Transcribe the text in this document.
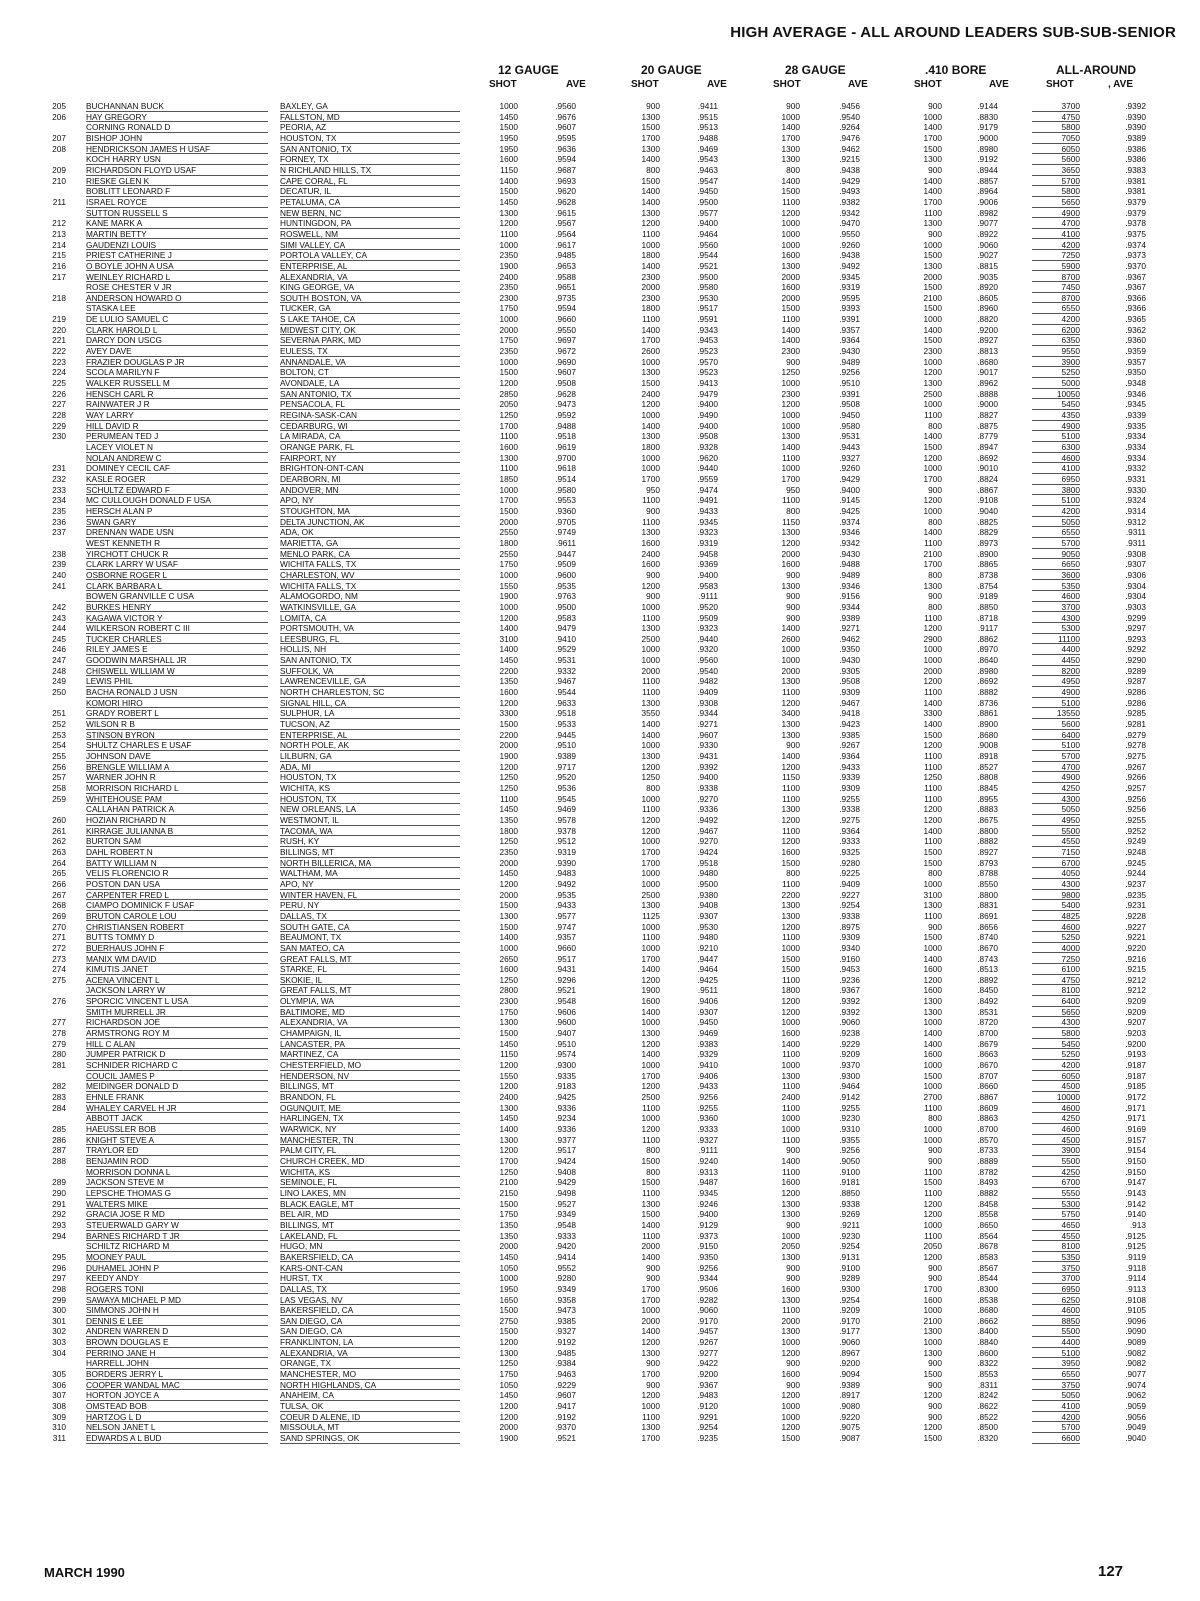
HIGH AVERAGE - ALL AROUND LEADERS SUB-SUB-SENIOR
12 GAUGE	20 GAUGE	28 GAUGE	.410 BORE	ALL-AROUND
SHOT	AVE	SHOT	AVE	SHOT	AVE	SHOT	AVE	SHOT	, AVE
205 BUCHANNAN BUCK	BAXLEY, GA	1000	.9560	900	.9411	900	.9456	900	.9144	3700	.9392
206 HAY GREGORY	FALLSTON, MD	1450	.9676	1300	.9515	1000	.9540	1000	.8830	4750	.9390
CORNING RONALD D	PEORIA, AZ	1500	.9607	1500	.9513	1400	.9264	1400	.9179	5800	.9390
207 BISHOP JOHN	HOUSTON, TX	1950	.9595	1700	.9488	1700	.9476	1700	.9000	7050	.9389
208 HENDRICKSON JAMES H USAF	SAN ANTONIO, TX	1950	.9636	1300	.9469	1300	.9462	1500	.8980	6050	.9386
KOCH HARRY USN	FORNEY, TX	1600	.9594	1400	.9543	1300	.9215	1300	.9192	5600	.9386
209 RICHARDSON FLOYD USAF	N RICHLAND HILLS, TX	1150	.9687	800	.9463	800	.9438	900	.8944	3650	.9383
210 RIESKE GLEN K	CAPE CORAL, FL	1400	.9693	1500	.9547	1400	.9429	1400	.8857	5700	.9381
BOBLITT LEONARD F	DECATUR, IL	1500	.9620	1400	.9450	1500	.9493	1400	.8964	5800	.9381
211 ISRAEL ROYCE	PETALUMA, CA	1450	.9628	1400	.9500	1100	.9382	1700	.9006	5650	.9379
SUTTON RUSSELL S	NEW BERN, NC	1300	.9615	1300	.9577	1200	.9342	1100	.8982	4900	.9379
212 KANE MARK A	HUNTINGDON, PA	1200	.9567	1200	.9400	1000	.9470	1300	.9077	4700	.9378
213 MARTIN BETTY	ROSWELL, NM	1100	.9564	1100	.9464	1000	.9550	900	.8922	4100	.9375
214 GAUDENZI LOUIS	SIMI VALLEY, CA	1000	.9617	1000	.9560	1000	.9260	1000	.9060	4200	.9374
215 PRIEST CATHERINE J	PORTOLA VALLEY, CA	2350	.9485	1800	.9544	1600	.9438	1500	.9027	7250	.9373
216 O BOYLE JOHN A USA	ENTERPRISE, AL	1900	.9653	1400	.9521	1300	.9492	1300	.8815	5900	.9370
217 WEINLEY RICHARD L	ALEXANDRIA, VA	2400	.9588	2300	.9500	2000	.9345	2000	.9035	8700	.9367
ROSE CHESTER V JR	KING GEORGE, VA	2350	.9651	2000	.9580	1600	.9319	1500	.8920	7450	.9367
218 ANDERSON HOWARD O	SOUTH BOSTON, VA	2300	.9735	2300	.9530	2000	.9595	2100	.8605	8700	.9366
STASKA LEE	TUCKER, GA	1750	.9594	1800	.9517	1500	.9393	1500	.8960	6550	.9366
219 DE LULIO SAMUEL C	S LAKE TAHOE, CA	1000	.9660	1100	.9591	1100	.9391	1000	.8820	4200	.9365
220 CLARK HAROLD L	MIDWEST CITY, OK	2000	.9550	1400	.9343	1400	.9357	1400	.9200	6200	.9362
221 DARCY DON USCG	SEVERNA PARK, MD	1750	.9697	1700	.9453	1400	.9364	1500	.8927	6350	.9360
222 AVEY DAVE	EULESS, TX	2350	.9672	2600	.9523	2300	.9430	2300	.8813	9550	.9359
223 FRAZIER DOUGLAS P JR	ANNANDALE, VA	1000	.9690	1000	.9570	900	.9489	1000	.8680	3900	.9357
224 SCOLA MARILYN F	BOLTON, CT	1500	.9607	1300	.9523	1250	.9256	1200	.9017	5250	.9350
225 WALKER RUSSELL M	AVONDALE, LA	1200	.9508	1500	.9413	1000	.9510	1300	.8962	5000	.9348
226 HENSCH CARL R	SAN ANTONIO, TX	2850	.9628	2400	.9479	2300	.9391	2500	.8888	10050	.9346
227 RAINWATER J R	PENSACOLA, FL	2050	.9473	1200	.9400	1200	.9508	1000	.9000	5450	.9345
228 WAY LARRY	REGINA-SASK-CAN	1250	.9592	1000	.9490	1000	.9450	1100	.8827	4350	.9339
229 HILL DAVID R	CEDARBURG, WI	1700	.9488	1400	.9400	1000	.9580	800	.8875	4900	.9335
230 PERUMEAN TED J	LA MIRADA, CA	1100	.9518	1300	.9508	1300	.9531	1400	.8779	5100	.9334
LACEY VIOLET N	ORANGE PARK, FL	1600	.9619	1800	.9328	1400	.9443	1500	.8947	6300	.9334
NOLAN ANDREW C	FAIRPORT, NY	1300	.9700	1000	.9620	1100	.9327	1200	.8692	4600	.9334
231 DOMINEY CECIL CAF	BRIGHTON-ONT-CAN	1100	.9618	1000	.9440	1000	.9260	1000	.9010	4100	.9332
232 KASLE ROGER	DEARBORN, MI	1850	.9514	1700	.9559	1700	.9429	1700	.8824	6950	.9331
233 SCHULTZ EDWARD F	ANDOVER, MN	1000	.9580	950	.9474	950	.9400	900	.8867	3800	.9330
234 MC CULLOUGH DONALD F USA	APO, NY	1700	.9553	1100	.9491	1100	.9145	1200	.9108	5100	.9324
235 HERSCH ALAN P	STOUGHTON, MA	1500	.9360	900	.9433	800	.9425	1000	.9040	4200	.9314
236 SWAN GARY	DELTA JUNCTION, AK	2000	.9705	1100	.9345	1150	.9374	800	.8825	5050	.9312
237 DRENNAN WADE USN	ADA, OK	2550	.9749	1300	.9323	1300	.9346	1400	.8829	6550	.9311
WEST KENNETH R	MARIETTA, GA	1800	.9611	1600	.9319	1200	.9342	1100	.8973	5700	.9311
238 YIRCHOTT CHUCK R	MENLO PARK, CA	2550	.9447	2400	.9458	2000	.9430	2100	.8900	9050	.9308
239 CLARK LARRY W USAF	WICHITA FALLS, TX	1750	.9509	1600	.9369	1600	.9488	1700	.8865	6650	.9307
240 OSBORNE ROGER L	CHARLESTON, WV	1000	.9600	900	.9400	900	.9489	800	.8738	3600	.9306
241 CLARK BARBARA L	WICHITA FALLS, TX	1550	.9535	1200	.9583	1300	.9346	1300	.8754	5350	.9304
BOWEN GRANVILLE C USA	ALAMOGORDO, NM	1900	.9763	900	.9111	900	.9156	900	.9189	4600	.9304
242 BURKES HENRY	WATKINSVILLE, GA	1000	.9500	1000	.9520	900	.9344	800	.8850	3700	.9303
243 KAGAWA VICTOR Y	LOMITA, CA	1200	.9583	1100	.9509	900	.9389	1100	.8718	4300	.9299
244 WILKERSON ROBERT C III	PORTSMOUTH, VA	1400	.9479	1300	.9323	1400	.9271	1200	.9117	5300	.9297
245 TUCKER CHARLES	LEESBURG, FL	3100	.9410	2500	.9440	2600	.9462	2900	.8862	11100	.9293
246 RILEY JAMES E	HOLLIS, NH	1400	.9529	1000	.9320	1000	.9350	1000	.8970	4400	.9292
247 GOODWIN MARSHALL JR	SAN ANTONIO, TX	1450	.9531	1000	.9560	1000	.9430	1000	.8640	4450	.9290
248 CHISWELL WILLIAM W	SUFFOLK, VA	2200	.9332	2000	.9540	2000	.9305	2000	.8980	8200	.9289
249 LEWIS PHIL	LAWRENCEVILLE, GA	1350	.9467	1100	.9482	1300	.9508	1200	.8692	4950	.9287
250 BACHA RONALD J USN	NORTH CHARLESTON, SC	1600	.9544	1100	.9409	1100	.9309	1100	.8882	4900	.9286
KOMORI HIRO	SIGNAL HILL, CA	1200	.9633	1300	.9308	1200	.9467	1400	.8736	5100	.9286
251 GRADY ROBERT L	SULPHUR, LA	3300	.9518	3550	.9344	3400	.9418	3300	.8861	13550	.9285
252 WILSON R B	TUCSON, AZ	1500	.9533	1400	.9271	1300	.9423	1400	.8900	5600	.9281
253 STINSON BYRON	ENTERPRISE, AL	2200	.9445	1400	.9607	1300	.9385	1500	.8680	6400	.9279
254 SHULTZ CHARLES E USAF	NORTH POLE, AK	2000	.9510	1000	.9330	900	.9267	1200	.9008	5100	.9278
255 JOHNSON DAVE	LILBURN, GA	1900	.9389	1300	.9431	1400	.9364	1100	.8918	5700	.9275
256 BRENGLE WILLIAM A	ADA, MI	1200	.9717	1200	.9392	1200	.9433	1100	.8527	4700	.9267
257 WARNER JOHN R	HOUSTON, TX	1250	.9520	1250	.9400	1150	.9339	1250	.8808	4900	.9266
258 MORRISON RICHARD L	WICHITA, KS	1250	.9536	800	.9338	1100	.9309	1100	.8845	4250	.9257
259 WHITEHOUSE PAM	HOUSTON, TX	1100	.9545	1000	.9270	1100	.9255	1100	.8955	4300	.9256
CALLAHAN PATRICK A	NEW ORLEANS, LA	1450	.9469	1100	.9336	1300	.9338	1200	.8883	5050	.9256
260 HOZIAN RICHARD N	WESTMONT, IL	1350	.9578	1200	.9492	1200	.9275	1200	.8675	4950	.9255
261 KIRRAGE JULIANNA B	TACOMA, WA	1800	.9378	1200	.9467	1100	.9364	1400	.8800	5500	.9252
262 BURTON SAM	RUSH, KY	1250	.9512	1000	.9270	1200	.9333	1100	.8882	4550	.9249
263 DAHL ROBERT N	BILLINGS, MT	2350	.9319	1700	.9424	1600	.9325	1500	.8927	7150	.9248
264 BATTY WILLIAM N	NORTH BILLERICA, MA	2000	.9390	1700	.9518	1500	.9280	1500	.8793	6700	.9245
265 VELIS FLORENCIO R	WALTHAM, MA	1450	.9483	1000	.9480	800	.9225	800	.8788	4050	.9244
266 POSTON DAN USA	APO, NY	1200	.9492	1000	.9500	1100	.9409	1000	.8550	4300	.9237
267 CARPENTER FRED L	WINTER HAVEN, FL	2000	.9535	2500	.9380	2200	.9227	3100	.8800	9800	.9235
268 CIAMPO DOMINICK F USAF	PERU, NY	1500	.9433	1300	.9408	1300	.9254	1300	.8831	5400	.9231
269 BRUTON CAROLE LOU	DALLAS, TX	1300	.9577	1125	.9307	1300	.9338	1100	.8691	4825	.9228
270 CHRISTIANSEN ROBERT	SOUTH GATE, CA	1500	.9747	1000	.9530	1200	.8975	900	.8656	4600	.9227
271 BUTTS TOMMY D	BEAUMONT, TX	1400	.9357	1100	.9480	1100	.9309	1500	.8740	5250	.9221
272 BUERHAUS JOHN F	SAN MATEO, CA	1000	.9660	1000	.9210	1000	.9340	1000	.8670	4000	.9220
273 MANIX WM DAVID	GREAT FALLS, MT	2650	.9517	1700	.9447	1500	.9160	1400	.8743	7250	.9216
274 KIMUTIS JANET	STARKE, FL	1600	.9431	1400	.9464	1500	.9453	1600	.8513	6100	.9215
275 ACENA VINCENT L	SKOKIE, IL	1250	.9296	1200	.9425	1100	.9236	1200	.8892	4750	.9212
JACKSON LARRY W	GREAT FALLS, MT	2800	.9521	1900	.9511	1800	.9367	1600	.8450	8100	.9212
276 SPORCIC VINCENT L USA	OLYMPIA, WA	2300	.9548	1600	.9406	1200	.9392	1300	.8492	6400	.9209
SMITH MURRELL JR	BALTIMORE, MD	1750	.9606	1400	.9307	1200	.9392	1300	.8531	5650	.9209
277 RICHARDSON JOE	ALEXANDRIA, VA	1300	.9600	1000	.9450	1000	.9060	1000	.8720	4300	.9207
278 ARMSTRONG ROY M	CHAMPAIGN, IL	1500	.9407	1300	.9469	1600	.9238	1400	.8700	5800	.9203
279 HILL C ALAN	LANCASTER, PA	1450	.9510	1200	.9383	1400	.9229	1400	.8679	5450	.9200
280 JUMPER PATRICK D	MARTINEZ, CA	1150	.9574	1400	.9329	1100	.9209	1600	.8663	5250	.9193
281 SCHNIDER RICHARD C	CHESTERFIELD, MO	1200	.9300	1000	.9410	1000	.9370	1000	.8670	4200	.9187
COUCIL JAMES P	HENDERSON, NV	1550	.9335	1700	.9406	1300	.9300	1500	.8707	6050	.9187
282 MEIDINGER DONALD D	BILLINGS, MT	1200	.9183	1200	.9433	1100	.9464	1000	.8660	4500	.9185
283 EHNLE FRANK	BRANDON, FL	2400	.9425	2500	.9256	2400	.9142	2700	.8867	10000	.9172
284 WHALEY CARVEL H JR	OGUNQUIT, ME	1300	.9336	1100	.9255	1100	.9255	1100	.8609	4600	.9171
ABBOTT JACK	HARLINGEN, TX	1450	.9234	1000	.9360	1000	.9230	800	.8863	4250	.9171
285 HAEUSSLER BOB	WARWICK, NY	1400	.9336	1200	.9333	1000	.9310	1000	.8700	4600	.9169
286 KNIGHT STEVE A	MANCHESTER, TN	1300	.9377	1100	.9327	1100	.9355	1000	.8570	4500	.9157
287 TRAYLOR ED	PALM CITY, FL	1200	.9517	800	.9111	900	.9256	900	.8733	3900	.9154
288 BENJAMIN ROD	CHURCH CREEK, MD	1700	.9424	1500	.9240	1400	.9050	900	.8889	5500	.9150
MORRISON DONNA L	WICHITA, KS	1250	.9408	800	.9313	1100	.9100	1100	.8782	4250	.9150
289 JACKSON STEVE M	SEMINOLE, FL	2100	.9429	1500	.9487	1600	.9181	1500	.8493	6700	.9147
290 LEPSCHE THOMAS G	LINO LAKES, MN	2150	.9498	1100	.9345	1200	.8850	1100	.8882	5550	.9143
291 WALTERS MIKE	BLACK EAGLE, MT	1500	.9527	1300	.9246	1300	.9338	1200	.8458	5300	.9142
292 GRACIA JOSE R MD	BEL AIR, MD	1750	.9349	1500	.9400	1300	.9269	1200	.8558	5750	.9140
293 STEUERWALD GARY W	BILLINGS, MT	1350	.9548	1400	.9129	900	.9211	1000	.8650	4650	.913
294 BARNES RICHARD T JR	LAKELAND, FL	1350	.9333	1100	.9373	1000	.9230	1100	.8564	4550	.9125
SCHILTZ RICHARD M	HUGO, MN	2000	.9420	2000	.9150	2050	.9254	2050	.8678	8100	.9125
295 MOONEY PAUL	BAKERSFIELD, CA	1450	.9414	1400	.9350	1300	.9131	1200	.8583	5350	.9119
296 DUHAMEL JOHN P	KARS-ONT-CAN	1050	.9552	900	.9256	900	.9100	900	.8567	3750	.9118
297 KEEDY ANDY	HURST, TX	1000	.9280	900	.9344	900	.9289	900	.8544	3700	.9114
298 ROGERS TONI	DALLAS, TX	1950	.9349	1700	.9506	1600	.9300	1700	.8300	6950	.9113
299 SAWAYA MICHAEL P MD	LAS VEGAS, NV	1650	.9358	1700	.9282	1300	.9254	1600	.8538	6250	.9108
300 SIMMONS JOHN H	BAKERSFIELD, CA	1500	.9473	1000	.9060	1100	.9209	1000	.8680	4600	.9105
301 DENNIS E LEE	SAN DIEGO, CA	2750	.9385	2000	.9170	2000	.9170	2100	.8662	8850	.9096
302 ANDREN WARREN D	SAN DIEGO, CA	1500	.9327	1400	.9457	1300	.9177	1300	.8400	5500	.9090
303 BROWN DOUGLAS E	FRANKLINTON, LA	1200	.9192	1200	.9267	1000	.9060	1000	.8840	4400	.9089
304 PERRINO JANE H	ALEXANDRIA, VA	1300	.9485	1300	.9277	1200	.8967	1300	.8600	5100	.9082
HARRELL JOHN	ORANGE, TX	1250	.9384	900	.9422	900	.9200	900	.8322	3950	.9082
305 BORDERS JERRY L	MANCHESTER, MO	1750	.9463	1700	.9200	1600	.9094	1500	.8553	6550	.9077
306 COOPER WANDAL MAC	NORTH HIGHLANDS, CA	1050	.9229	900	.9367	900	.9389	900	.8311	3750	.9074
307 HORTON JOYCE A	ANAHEIM, CA	1450	.9607	1200	.9483	1200	.8917	1200	.8242	5050	.9062
308 OMSTEAD BOB	TULSA, OK	1200	.9417	1000	.9120	1000	.9080	900	.8622	4100	.9059
309 HARTZOG L D	COEUR D ALENE, ID	1200	.9192	1100	.9291	1000	.9220	900	.8522	4200	.9056
310 NELSON JANET L	MISSOULA, MT	2000	.9370	1300	.9254	1200	.9075	1200	.8500	5700	.9049
311 EDWARDS A L BUD	SAND SPRINGS, OK	1900	.9521	1700	.9235	1500	.9087	1500	.8320	6600	.9040
MARCH 1990	127
